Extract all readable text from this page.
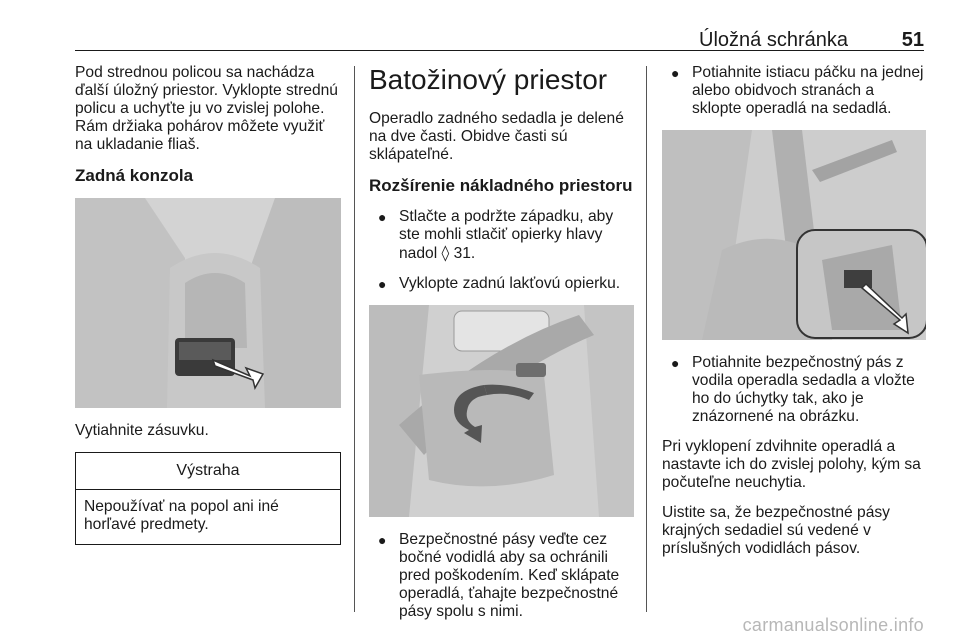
Úložná schránka	51

Pod strednou policou sa nachádza ďalší úložný priestor. Vyklopte strednú policu a uchyťte ju vo zvislej polohe. Rám držiaka pohárov môžete využiť na ukladanie fliaš.

Zadná konzola

Vytiahnite zásuvku.

Výstraha
Nepoužívať na popol ani iné horľavé predmety.
Batožinový priestor

Operadlo zadného sedadla je delené na dve časti. Obidve časti sú sklápateľné.

Rozšírenie nákladného priestoru
● Stlačte a podržte západku, aby ste mohli stlačiť opierky hlavy nadol ◊ 31.
● Vyklopte zadnú lakťovú opierku.
● Bezpečnostné pásy veďte cez bočné vodidlá aby sa ochránili pred poškodením. Keď sklápate operadlá, ťahajte bezpečnostné pásy spolu s nimi.
● Potiahnite istiacu páčku na jednej alebo obidvoch stranách a sklopte operadlá na sedadlá.
● Potiahnite bezpečnostný pás z vodila operadla sedadla a vložte ho do úchytky tak, ako je znázornené na obrázku.

Pri vyklopení zdvihnite operadlá a nastavte ich do zvislej polohy, kým sa počuteľne neuchytia.

Uistite sa, že bezpečnostné pásy krajných sedadiel sú vedené v príslušných vodidlách pásov.

carmanualsonline.info
